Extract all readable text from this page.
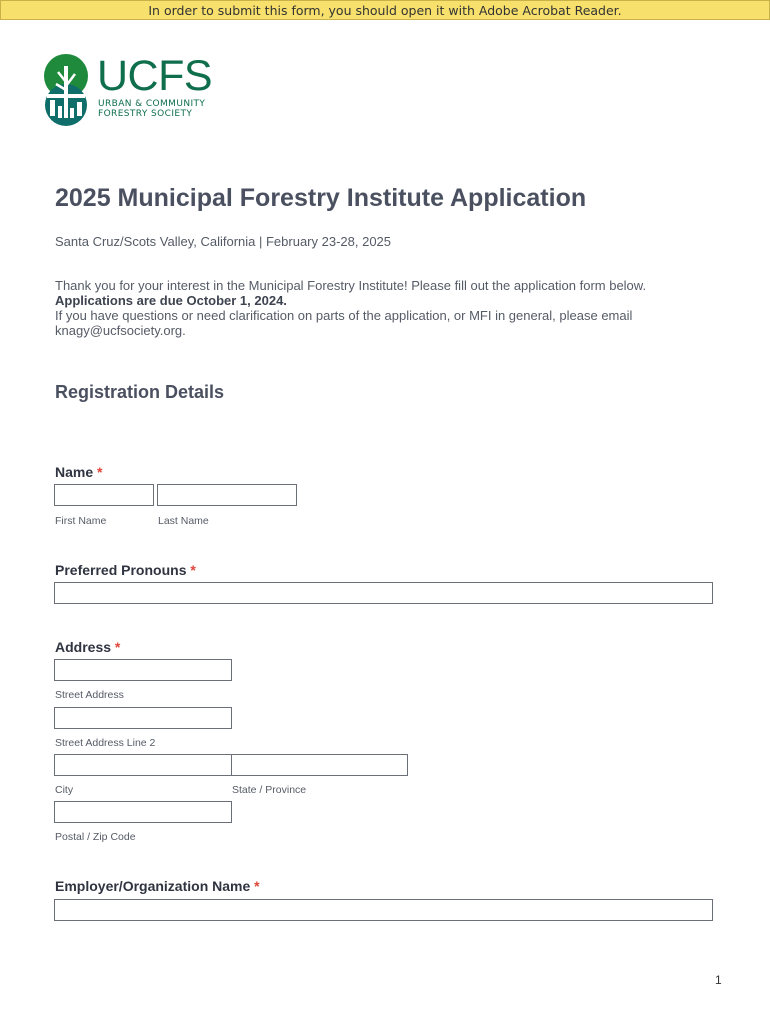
In order to submit this form, you should open it with Adobe Acrobat Reader.
UCFS
URBAN & COMMUNITY
FORESTRY SOCIETY
2025 Municipal Forestry Institute Application
Santa Cruz/Scots Valley, California | February 23-28, 2025
Thank you for your interest in the Municipal Forestry Institute! Please fill out the application form below.
Applications are due October 1, 2024.
If you have questions or need clarification on parts of the application, or MFI in general, please email knagy@ucfsociety.org.
Registration Details
Name *
First Name	Last Name
Preferred Pronouns *
Address *
Street Address
Street Address Line 2
City	State / Province
Postal / Zip Code
Employer/Organization Name *
1
